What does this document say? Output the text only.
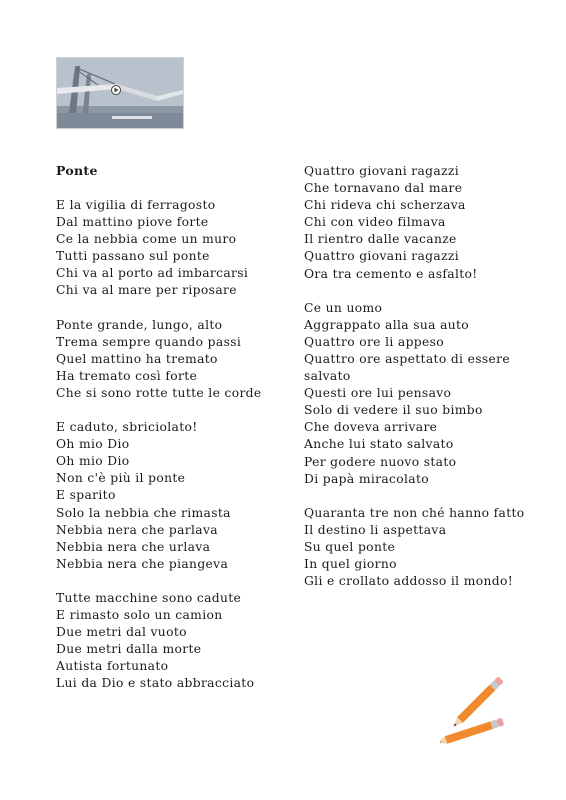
Ponte
E la vigilia di ferragosto
Dal mattino piove forte
Ce la nebbia come un muro
Tutti passano sul ponte
Chi va al porto ad imbarcarsi
Chi va al mare per riposare
Ponte grande, lungo, alto
Trema sempre quando passi
Quel mattino ha tremato
Ha tremato così forte
Che si sono rotte tutte le corde
E caduto, sbriciolato!
Oh mio Dio
Oh mio Dio
Non c'è più il ponte
E sparito
Solo la nebbia che rimasta
Nebbia nera che parlava
Nebbia nera che urlava
Nebbia nera che piangeva
Tutte macchine sono cadute
E rimasto solo un camion
Due metri dal vuoto
Due metri dalla morte
Autista fortunato
Lui da Dio e stato abbracciato
Quattro giovani ragazzi
Che tornavano dal mare
Chi rideva chi scherzava
Chi con video filmava
Il rientro dalle vacanze
Quattro giovani ragazzi
Ora tra cemento e asfalto!
Ce un uomo
Aggrappato alla sua auto
Quattro ore li appeso
Quattro ore aspettato di essere salvato
Questi ore lui pensavo
Solo di vedere il suo bimbo
Che doveva arrivare
Anche lui stato salvato
Per godere nuovo stato
Di papà miracolato
Quaranta tre non ché hanno fatto
Il destino li aspettava
Su quel ponte
In quel giorno
Gli e crollato addosso il mondo!
